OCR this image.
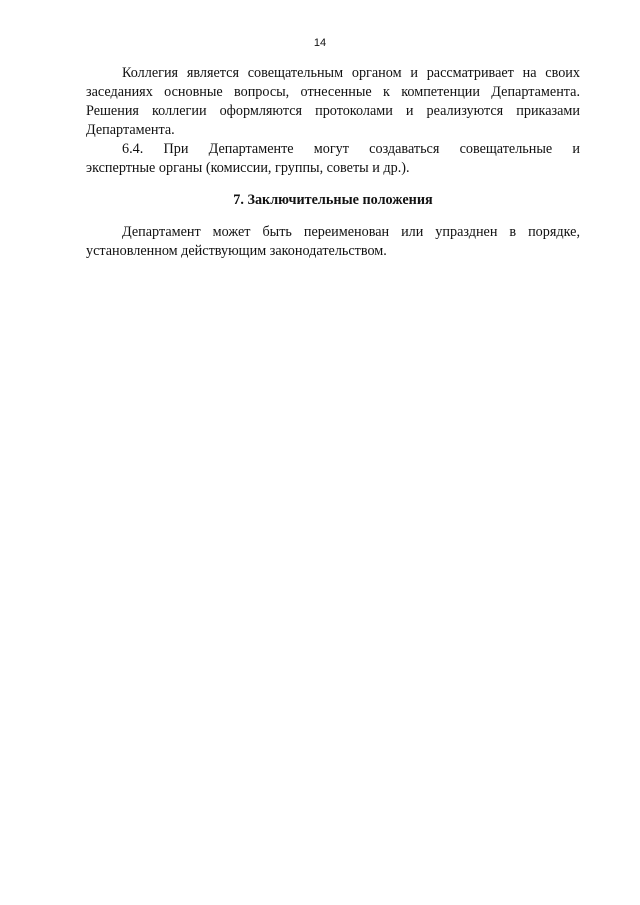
14
Коллегия является совещательным органом и рассматривает на своих
заседаниях основные вопросы, отнесенные к компетенции Департамента.
Решения коллегии оформляются протоколами и реализуются приказами
Департамента.
6.4. При Департаменте могут создаваться совещательные и
экспертные органы (комиссии, группы, советы и др.).
7. Заключительные положения
Департамент может быть переименован или упразднен в порядке,
установленном действующим законодательством.
